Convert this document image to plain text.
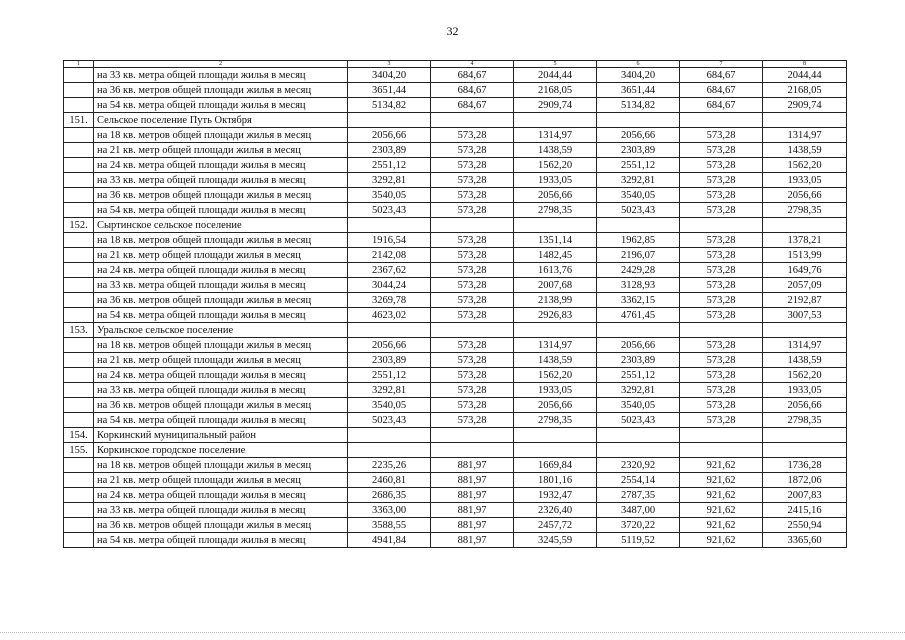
32
1	2	3	4	5	6	7	8
	на 33 кв. метра общей площади жилья в месяц	3404,20	684,67	2044,44	3404,20	684,67	2044,44
	на 36 кв. метров общей площади жилья в месяц	3651,44	684,67	2168,05	3651,44	684,67	2168,05
	на 54 кв. метра общей площади жилья в месяц	5134,82	684,67	2909,74	5134,82	684,67	2909,74
151.	Сельское поселение Путь Октября						
	на 18 кв. метров общей площади жилья в месяц	2056,66	573,28	1314,97	2056,66	573,28	1314,97
	на 21 кв. метр общей площади жилья в месяц	2303,89	573,28	1438,59	2303,89	573,28	1438,59
	на 24 кв. метра общей площади жилья в месяц	2551,12	573,28	1562,20	2551,12	573,28	1562,20
	на 33 кв. метра общей площади жилья в месяц	3292,81	573,28	1933,05	3292,81	573,28	1933,05
	на 36 кв. метров общей площади жилья в месяц	3540,05	573,28	2056,66	3540,05	573,28	2056,66
	на 54 кв. метра общей площади жилья в месяц	5023,43	573,28	2798,35	5023,43	573,28	2798,35
152.	Сыртинское сельское поселение						
	на 18 кв. метров общей площади жилья в месяц	1916,54	573,28	1351,14	1962,85	573,28	1378,21
	на 21 кв. метр общей площади жилья в месяц	2142,08	573,28	1482,45	2196,07	573,28	1513,99
	на 24 кв. метра общей площади жилья в месяц	2367,62	573,28	1613,76	2429,28	573,28	1649,76
	на 33 кв. метра общей площади жилья в месяц	3044,24	573,28	2007,68	3128,93	573,28	2057,09
	на 36 кв. метров общей площади жилья в месяц	3269,78	573,28	2138,99	3362,15	573,28	2192,87
	на 54 кв. метра общей площади жилья в месяц	4623,02	573,28	2926,83	4761,45	573,28	3007,53
153.	Уральское сельское поселение						
	на 18 кв. метров общей площади жилья в месяц	2056,66	573,28	1314,97	2056,66	573,28	1314,97
	на 21 кв. метр общей площади жилья в месяц	2303,89	573,28	1438,59	2303,89	573,28	1438,59
	на 24 кв. метра общей площади жилья в месяц	2551,12	573,28	1562,20	2551,12	573,28	1562,20
	на 33 кв. метра общей площади жилья в месяц	3292,81	573,28	1933,05	3292,81	573,28	1933,05
	на 36 кв. метров общей площади жилья в месяц	3540,05	573,28	2056,66	3540,05	573,28	2056,66
	на 54 кв. метра общей площади жилья в месяц	5023,43	573,28	2798,35	5023,43	573,28	2798,35
154.	Коркинский муниципальный район						
155.	Коркинское городское поселение						
	на 18 кв. метров общей площади жилья в месяц	2235,26	881,97	1669,84	2320,92	921,62	1736,28
	на 21 кв. метр общей площади жилья в месяц	2460,81	881,97	1801,16	2554,14	921,62	1872,06
	на 24 кв. метра общей площади жилья в месяц	2686,35	881,97	1932,47	2787,35	921,62	2007,83
	на 33 кв. метра общей площади жилья в месяц	3363,00	881,97	2326,40	3487,00	921,62	2415,16
	на 36 кв. метров общей площади жилья в месяц	3588,55	881,97	2457,72	3720,22	921,62	2550,94
	на 54 кв. метра общей площади жилья в месяц	4941,84	881,97	3245,59	5119,52	921,62	3365,60
